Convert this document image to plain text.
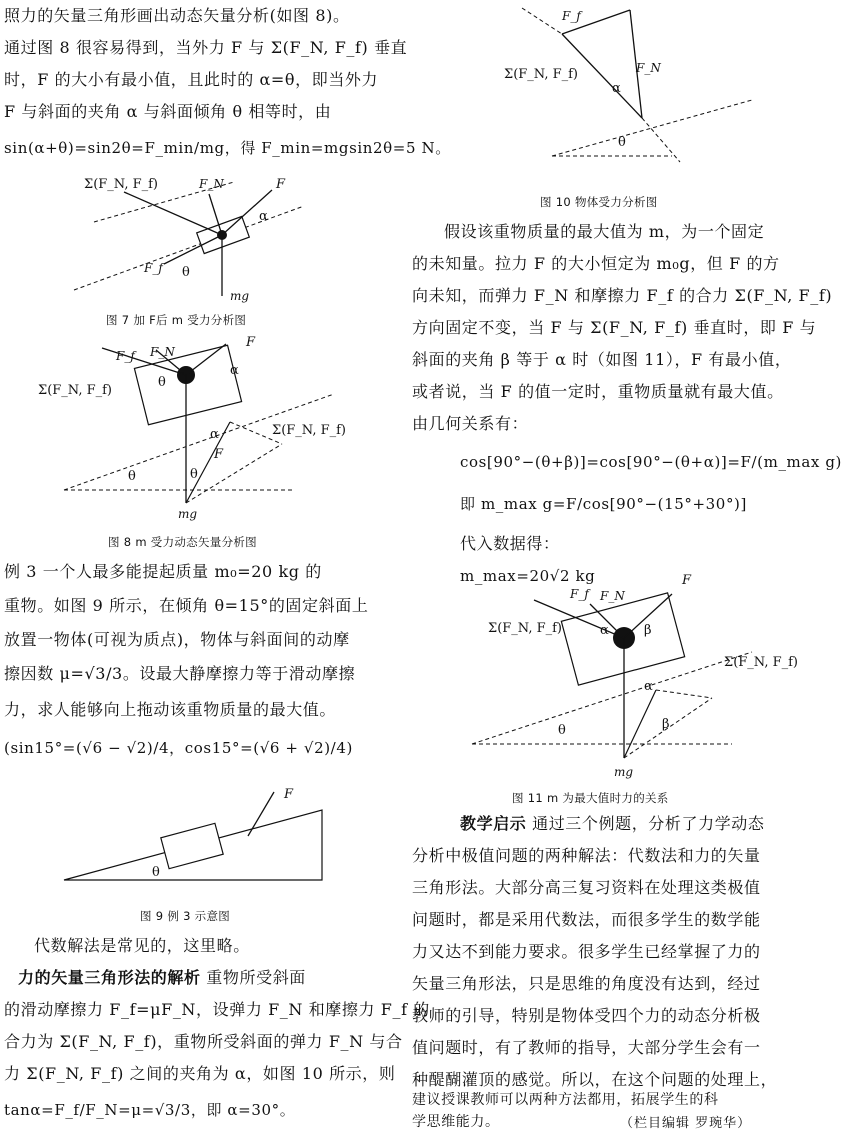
照力的矢量三角形画出动态矢量分析(如图 8)。
通过图 8 很容易得到，当外力 F 与 Σ(F_N, F_f) 垂直
时，F 的大小有最小值，且此时的 α=θ，即当外力
F 与斜面的夹角 α 与斜面倾角 θ 相等时，由
sin(α+θ)=sin2θ=F_min/mg，得 F_min=mgsin2θ=5 N。
Σ(F_N, F_f)	F_N	F
α
F_f θ
mg
图 7 加 F后 m 受力分析图
F_f F_N
F
Σ(F_N, F_f)
α
θ
Σ(F_N, F_f)
α
F
θ	θ
mg
图 8 m 受力动态矢量分析图
例 3 一个人最多能提起质量 m₀=20 kg 的
重物。如图 9 所示，在倾角 θ=15°的固定斜面上
放置一物体(可视为质点)，物体与斜面间的动摩
擦因数 μ=√3/3。设最大静摩擦力等于滑动摩擦
力，求人能够向上拖动该重物质量的最大值。
(sin15°=(√6 − √2)/4，cos15°=(√6 + √2)/4)
F
θ
图 9 例 3 示意图
代数解法是常见的，这里略。
力的矢量三角形法的解析 重物所受斜面
的滑动摩擦力 F_f=μF_N，设弹力 F_N 和摩擦力 F_f 的
合力为 Σ(F_N, F_f)，重物所受斜面的弹力 F_N 与合
力 Σ(F_N, F_f) 之间的夹角为 α，如图 10 所示，则
tanα=F_f/F_N=μ=√3/3，即 α=30°。
F_f
F_N
Σ(F_N, F_f)
α
θ
图 10 物体受力分析图
假设该重物质量的最大值为 m，为一个固定
的未知量。拉力 F 的大小恒定为 m₀g，但 F 的方
向未知，而弹力 F_N 和摩擦力 F_f 的合力 Σ(F_N, F_f)
方向固定不变，当 F 与 Σ(F_N, F_f) 垂直时，即 F 与
斜面的夹角 β 等于 α 时（如图 11），F 有最小值，
或者说，当 F 的值一定时，重物质量就有最大值。
由几何关系有：
cos[90°−(θ+β)]=cos[90°−(θ+α)]=F/(m_max g)
即 m_max g=F/cos[90°−(15°+30°)]
代入数据得：
m_max=20√2 kg
F_f F_N
F
Σ(F_N, F_f)	α	β
Σ(F_N, F_f)
α
β
θ
mg
图 11 m 为最大值时力的关系
教学启示 通过三个例题，分析了力学动态
分析中极值问题的两种解法：代数法和力的矢量
三角形法。大部分高三复习资料在处理这类极值
问题时，都是采用代数法，而很多学生的数学能
力又达不到能力要求。很多学生已经掌握了力的
矢量三角形法，只是思维的角度没有达到，经过
教师的引导，特别是物体受四个力的动态分析极
值问题时，有了教师的指导，大部分学生会有一
种醍醐灌顶的感觉。所以，在这个问题的处理上，
建议授课教师可以两种方法都用，拓展学生的科
学思维能力。	（栏目编辑 罗琬华）
